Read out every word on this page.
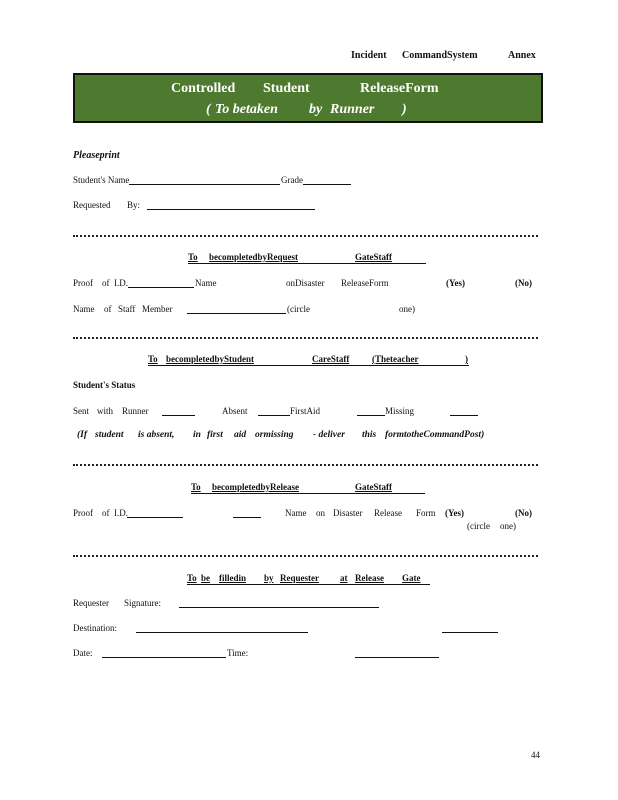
Incident CommandSystem	Annex
Controlled Student	ReleaseForm
( To betaken by Runner )
Pleaseprint
Student's Name	Grade
Requested By:
To becompletedbyRequest	GateStaff
Proof of I.D.	Name	onDisaster ReleaseForm	(Yes)	(No)
Name of Staff Member	(circle	one)
To becompletedbyStudent	CareStaff	(Theteacher	)
Student's Status
Sent with Runner	Absent	FirstAid	Missing
(If student is absent, in first aid ormissing - deliver this formtotheCommandPost)
To becompletedbyRelease	GateStaff
Proof of I.D.	Name on Disaster Release Form (Yes)	(No)
(circle one)
To be filledin by Requester at Release Gate
Requester Signature:
Destination:
Date:	Time:
44
